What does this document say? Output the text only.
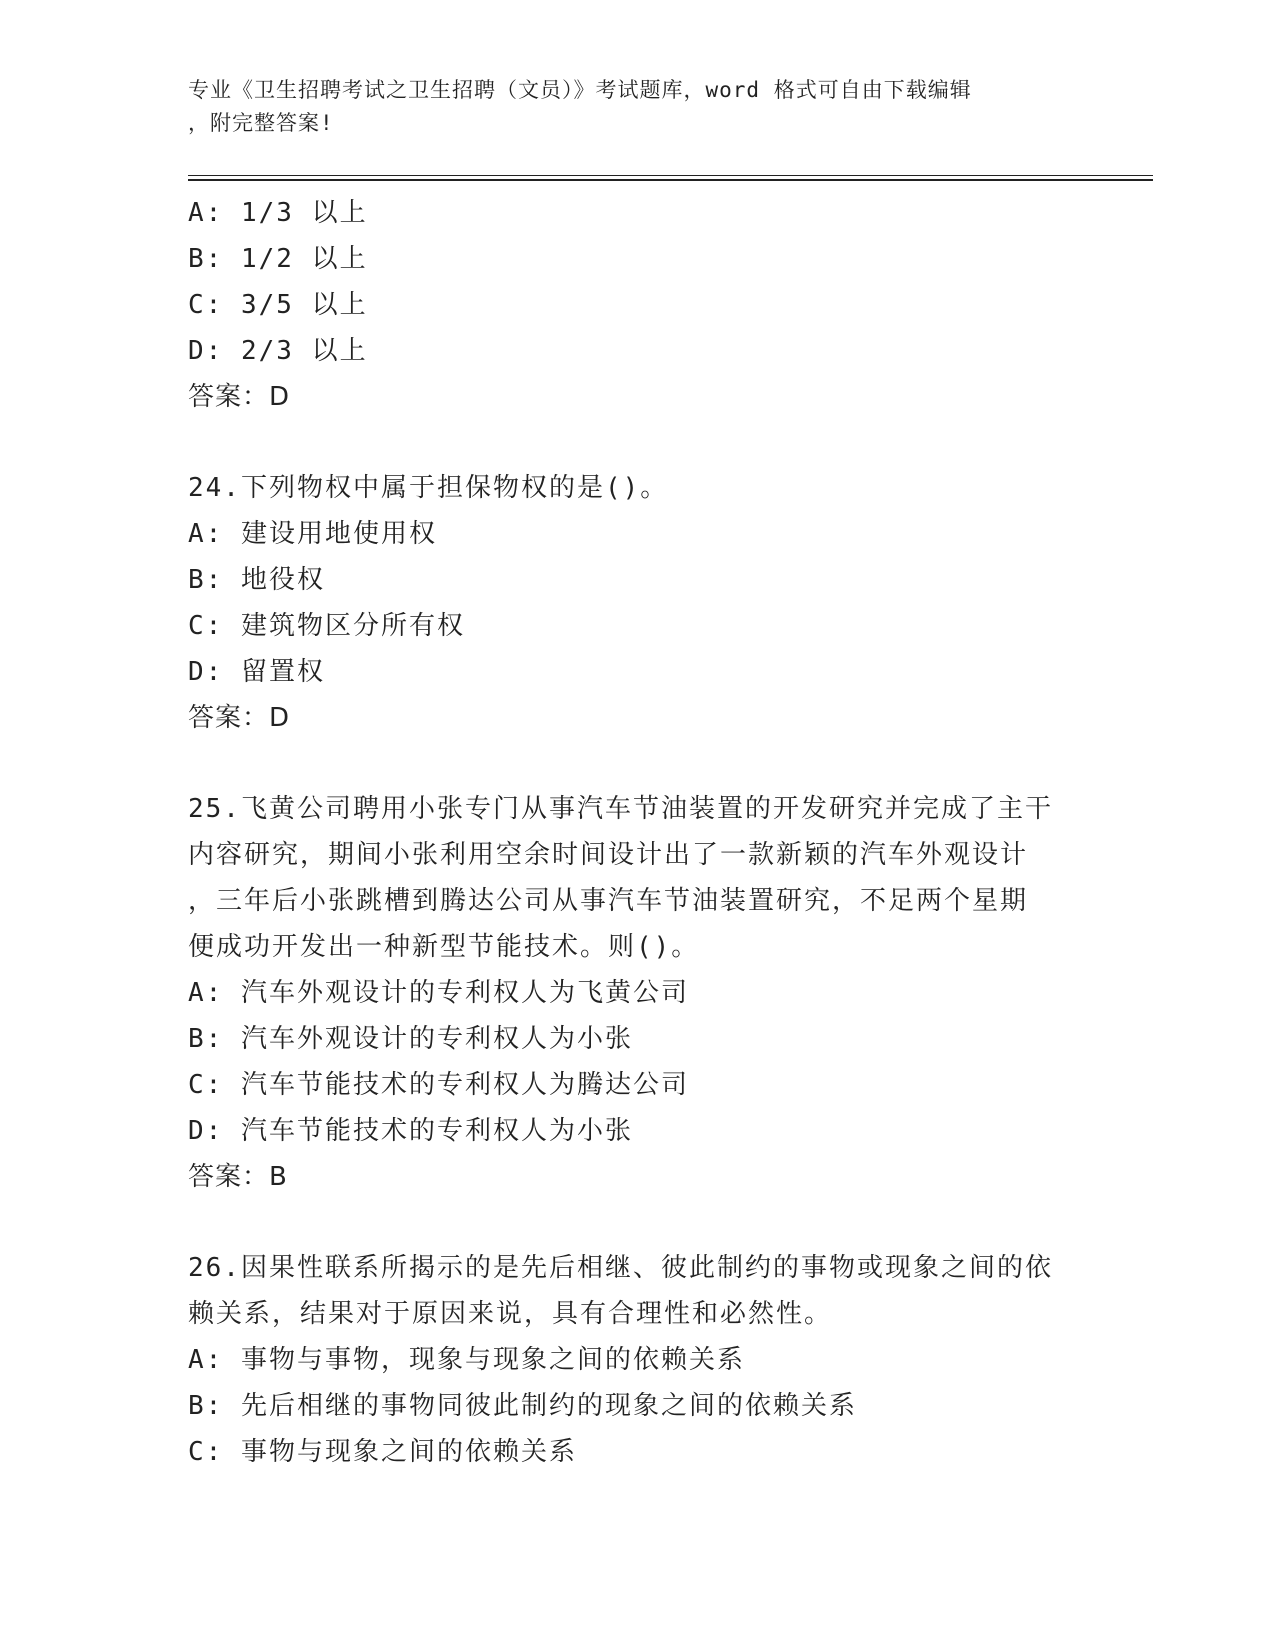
专业《卫生招聘考试之卫生招聘（文员）》考试题库，word 格式可自由下载编辑
，附完整答案!
A: 1/3 以上
B: 1/2 以上
C: 3/5 以上
D: 2/3 以上
答案：D
24.下列物权中属于担保物权的是()。
A: 建设用地使用权
B: 地役权
C: 建筑物区分所有权
D: 留置权
答案：D
25.飞黄公司聘用小张专门从事汽车节油装置的开发研究并完成了主干
内容研究，期间小张利用空余时间设计出了一款新颖的汽车外观设计
，三年后小张跳槽到腾达公司从事汽车节油装置研究，不足两个星期
便成功开发出一种新型节能技术。则()。
A: 汽车外观设计的专利权人为飞黄公司
B: 汽车外观设计的专利权人为小张
C: 汽车节能技术的专利权人为腾达公司
D: 汽车节能技术的专利权人为小张
答案：B
26.因果性联系所揭示的是先后相继、彼此制约的事物或现象之间的依
赖关系，结果对于原因来说，具有合理性和必然性。
A: 事物与事物，现象与现象之间的依赖关系
B: 先后相继的事物同彼此制约的现象之间的依赖关系
C: 事物与现象之间的依赖关系
